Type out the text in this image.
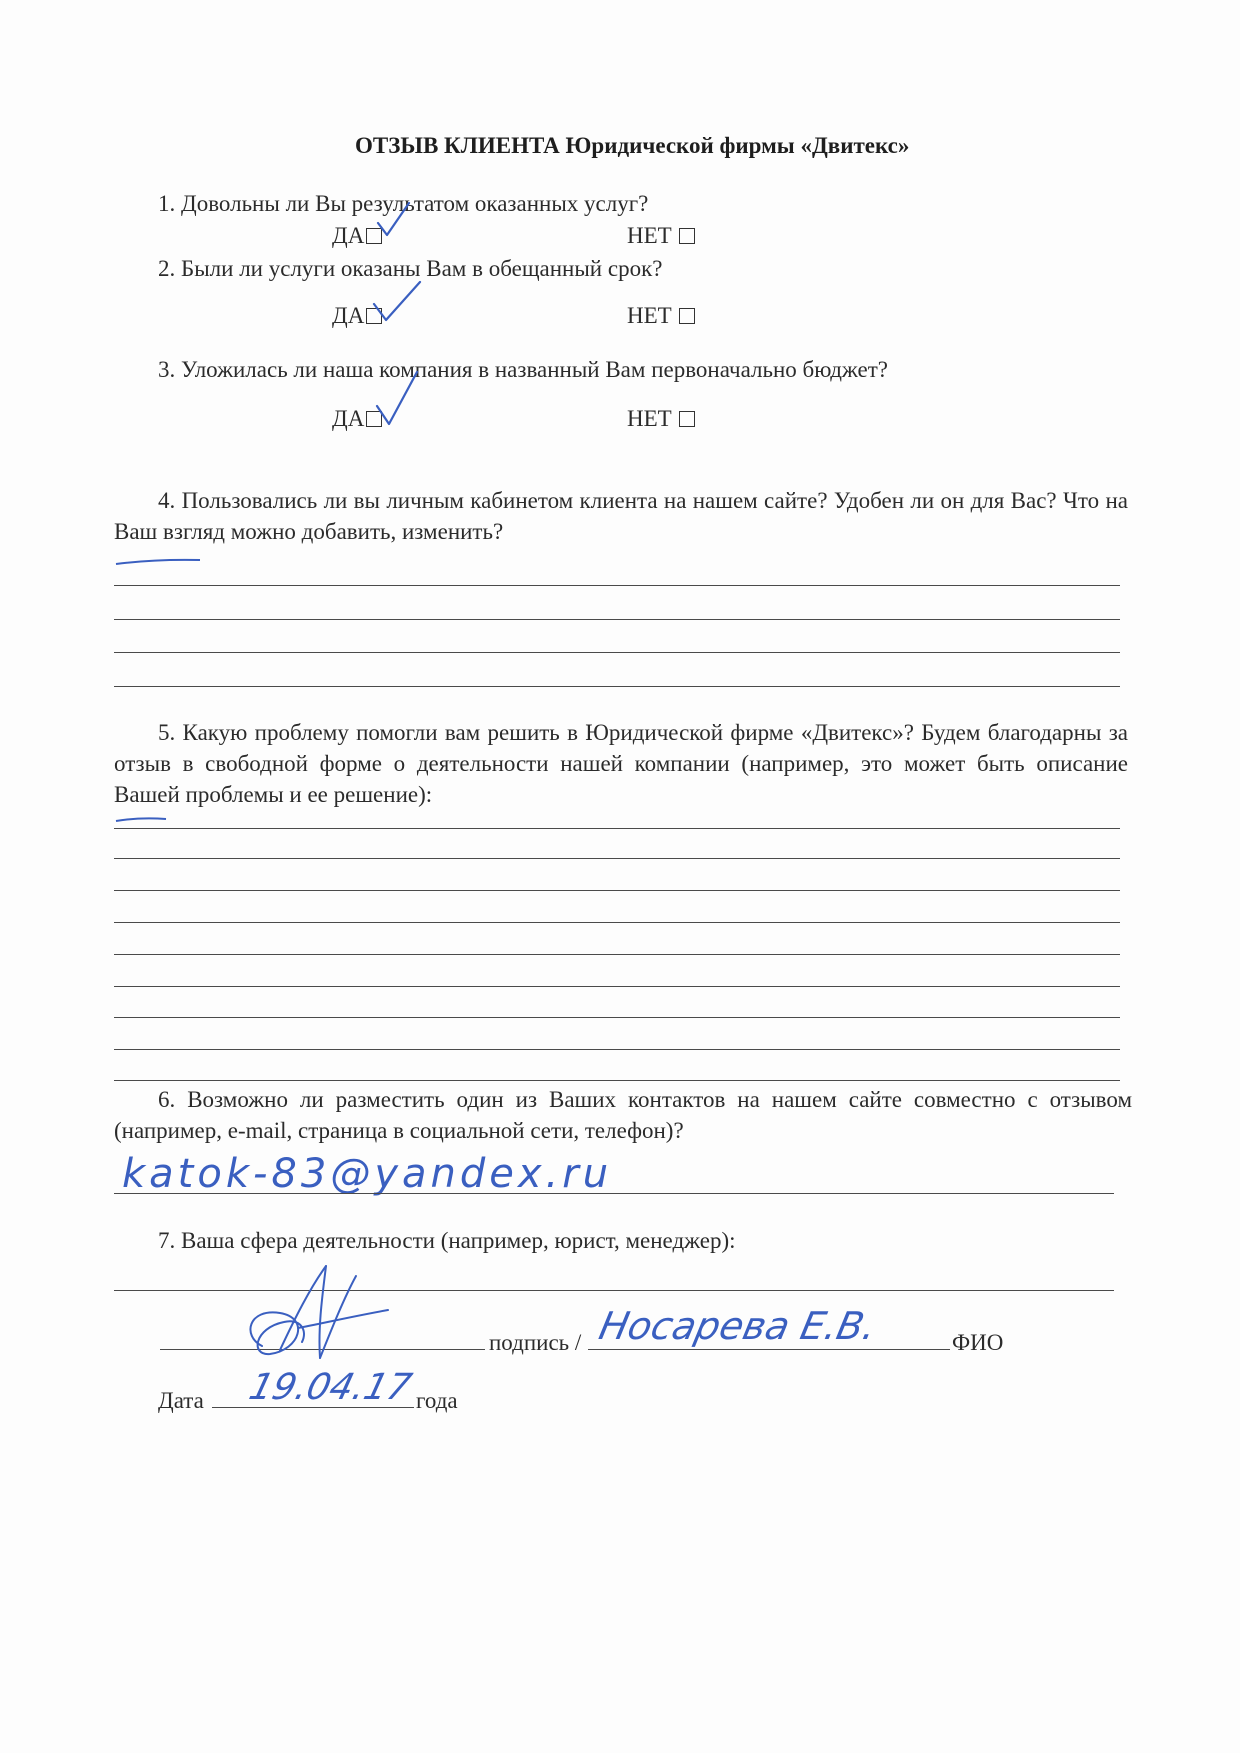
ОТЗЫВ КЛИЕНТА Юридической фирмы «Двитекс»
1. Довольны ли Вы результатом оказанных услуг?
ДА	НЕТ
2. Были ли услуги оказаны Вам в обещанный срок?
ДА	НЕТ
3. Уложилась ли наша компания в названный Вам первоначально бюджет?
ДА	НЕТ
4. Пользовались ли вы личным кабинетом клиента на нашем сайте? Удобен ли он для Вас? Что на Ваш взгляд можно добавить, изменить?
5. Какую проблему помогли вам решить в Юридической фирме «Двитекс»? Будем благодарны за отзыв в свободной форме о деятельности нашей компании (например, это может быть описание Вашей проблемы и ее решение):
6. Возможно ли разместить один из Ваших контактов на нашем сайте совместно с отзывом (например, e-mail, страница в социальной сети, телефон)?
katok-83@yandex.ru
7. Ваша сфера деятельности (например, юрист, менеджер):
подпись / Носарева Е.В.	ФИО
Дата 19.04.17 года
